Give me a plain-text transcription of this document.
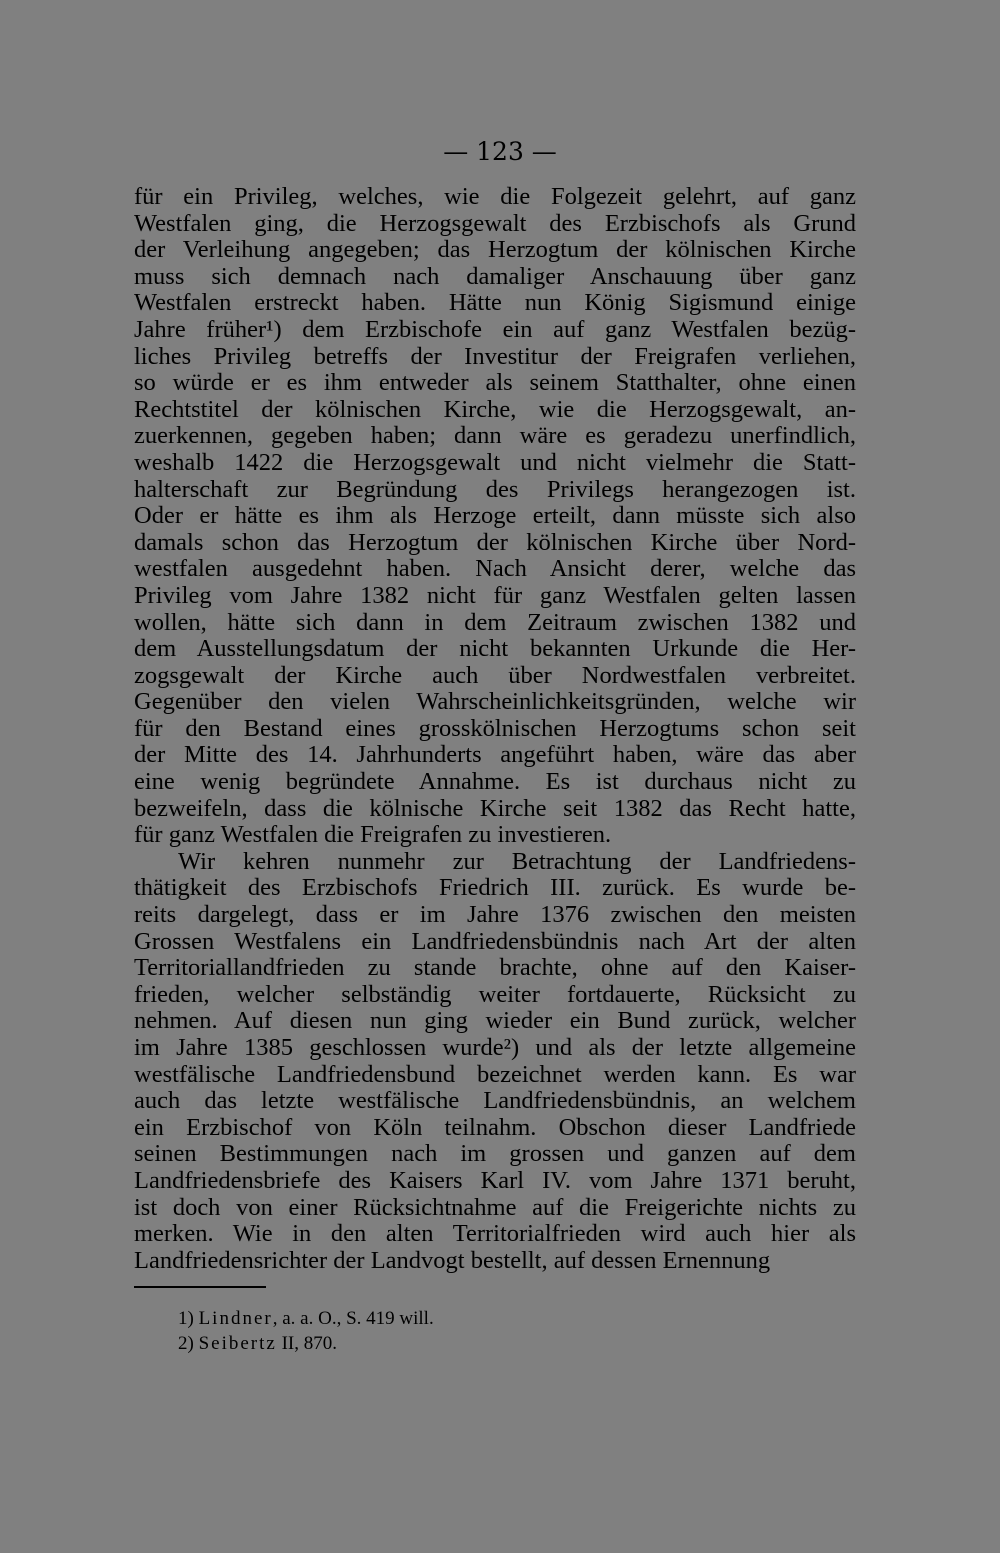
— 123 —

für ein Privileg, welches, wie die Folgezeit gelehrt, auf ganz
Westfalen ging, die Herzogsgewalt des Erzbischofs als Grund
der Verleihung angegeben; das Herzogtum der kölnischen Kirche
muss sich demnach nach damaliger Anschauung über ganz
Westfalen erstreckt haben. Hätte nun König Sigismund einige
Jahre früher¹) dem Erzbischofe ein auf ganz Westfalen bezüg-
liches Privileg betreffs der Investitur der Freigrafen verliehen,
so würde er es ihm entweder als seinem Statthalter, ohne einen
Rechtstitel der kölnischen Kirche, wie die Herzogsgewalt, an-
zuerkennen, gegeben haben; dann wäre es geradezu unerfindlich,
weshalb 1422 die Herzogsgewalt und nicht vielmehr die Statt-
halterschaft zur Begründung des Privilegs herangezogen ist.
Oder er hätte es ihm als Herzoge erteilt, dann müsste sich also
damals schon das Herzogtum der kölnischen Kirche über Nord-
westfalen ausgedehnt haben. Nach Ansicht derer, welche das
Privileg vom Jahre 1382 nicht für ganz Westfalen gelten lassen
wollen, hätte sich dann in dem Zeitraum zwischen 1382 und
dem Ausstellungsdatum der nicht bekannten Urkunde die Her-
zogsgewalt der Kirche auch über Nordwestfalen verbreitet.
Gegenüber den vielen Wahrscheinlichkeitsgründen, welche wir
für den Bestand eines grosskölnischen Herzogtums schon seit
der Mitte des 14. Jahrhunderts angeführt haben, wäre das aber
eine wenig begründete Annahme. Es ist durchaus nicht zu
bezweifeln, dass die kölnische Kirche seit 1382 das Recht hatte,
für ganz Westfalen die Freigrafen zu investieren.

Wir kehren nunmehr zur Betrachtung der Landfriedens-
thätigkeit des Erzbischofs Friedrich III. zurück. Es wurde be-
reits dargelegt, dass er im Jahre 1376 zwischen den meisten
Grossen Westfalens ein Landfriedensbündnis nach Art der alten
Territoriallandfrieden zu stande brachte, ohne auf den Kaiser-
frieden, welcher selbständig weiter fortdauerte, Rücksicht zu
nehmen. Auf diesen nun ging wieder ein Bund zurück, welcher
im Jahre 1385 geschlossen wurde²) und als der letzte allgemeine
westfälische Landfriedensbund bezeichnet werden kann. Es war
auch das letzte westfälische Landfriedensbündnis, an welchem
ein Erzbischof von Köln teilnahm. Obschon dieser Landfriede
seinen Bestimmungen nach im grossen und ganzen auf dem
Landfriedensbriefe des Kaisers Karl IV. vom Jahre 1371 beruht,
ist doch von einer Rücksichtnahme auf die Freigerichte nichts zu
merken. Wie in den alten Territorialfrieden wird auch hier als
Landfriedensrichter der Landvogt bestellt, auf dessen Ernennung

1) Lindner, a. a. O., S. 419 will.
2) Seibertz II, 870.
